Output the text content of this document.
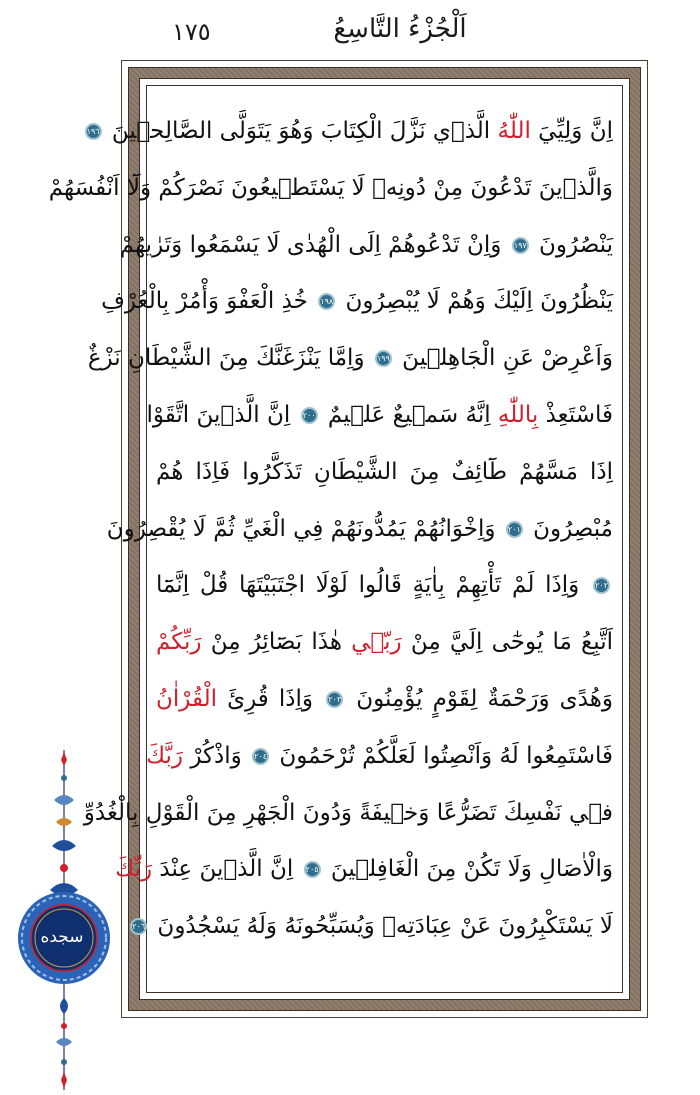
١٧٥	اَلْجُزْءُ التَّاسِعُ
اِنَّ وَلِيِّيَ اللّٰهُ الَّذ۪ي نَزَّلَ الْكِتَابَ وَهُوَ يَتَوَلَّى الصَّالِح۪ينَ ١٩٦
وَالَّذ۪ينَ تَدْعُونَ مِنْ دُونِه۪ لَا يَسْتَط۪يعُونَ نَصْرَكُمْ وَلَٓا اَنْفُسَهُمْ
يَنْصُرُونَ ١٩٧ وَاِنْ تَدْعُوهُمْ اِلَى الْهُدٰى لَا يَسْمَعُوا وَتَرٰيهُمْ
يَنْظُرُونَ اِلَيْكَ وَهُمْ لَا يُبْصِرُونَ ١٩٨ خُذِ الْعَفْوَ وَأْمُرْ بِالْعُرْفِ
وَاَعْرِضْ عَنِ الْجَاهِل۪ينَ ١٩٩ وَاِمَّا يَنْزَغَنَّكَ مِنَ الشَّيْطَانِ نَزْغٌ
فَاسْتَعِذْ بِاللّٰهِ اِنَّهُ سَم۪يعٌ عَل۪يمٌ ٢٠٠ اِنَّ الَّذ۪ينَ اتَّقَوْا
اِذَا مَسَّهُمْ طَٓائِفٌ مِنَ الشَّيْطَانِ تَذَكَّرُوا فَاِذَا هُمْ
مُبْصِرُونَ ٢٠١ وَاِخْوَانُهُمْ يَمُدُّونَهُمْ فِي الْغَيِّ ثُمَّ لَا يُقْصِرُونَ
٢٠٢ وَاِذَا لَمْ تَأْتِهِمْ بِاٰيَةٍ قَالُوا لَوْلَا اجْتَبَيْتَهَا قُلْ اِنَّمَٓا
اَتَّبِعُ مَا يُوحٰٓى اِلَيَّ مِنْ رَبّ۪ي هٰذَا بَصَٓائِرُ مِنْ رَبِّكُمْ
وَهُدًى وَرَحْمَةٌ لِقَوْمٍ يُؤْمِنُونَ ٢٠٣ وَاِذَا قُرِئَ الْقُرْاٰنُ
فَاسْتَمِعُوا لَهُ وَاَنْصِتُوا لَعَلَّكُمْ تُرْحَمُونَ ٢٠٤ وَاذْكُرْ رَبَّكَ
ف۪ي نَفْسِكَ تَضَرُّعًا وَخ۪يفَةً وَدُونَ الْجَهْرِ مِنَ الْقَوْلِ بِالْغُدُوِّ
وَالْاٰصَالِ وَلَا تَكُنْ مِنَ الْغَافِل۪ينَ ٢٠٥ اِنَّ الَّذ۪ينَ عِنْدَ رَبِّكَ
لَا يَسْتَكْبِرُونَ عَنْ عِبَادَتِه۪ وَيُسَبِّحُونَهُ وَلَهُ يَسْجُدُونَ ٢٠٦
سجده
